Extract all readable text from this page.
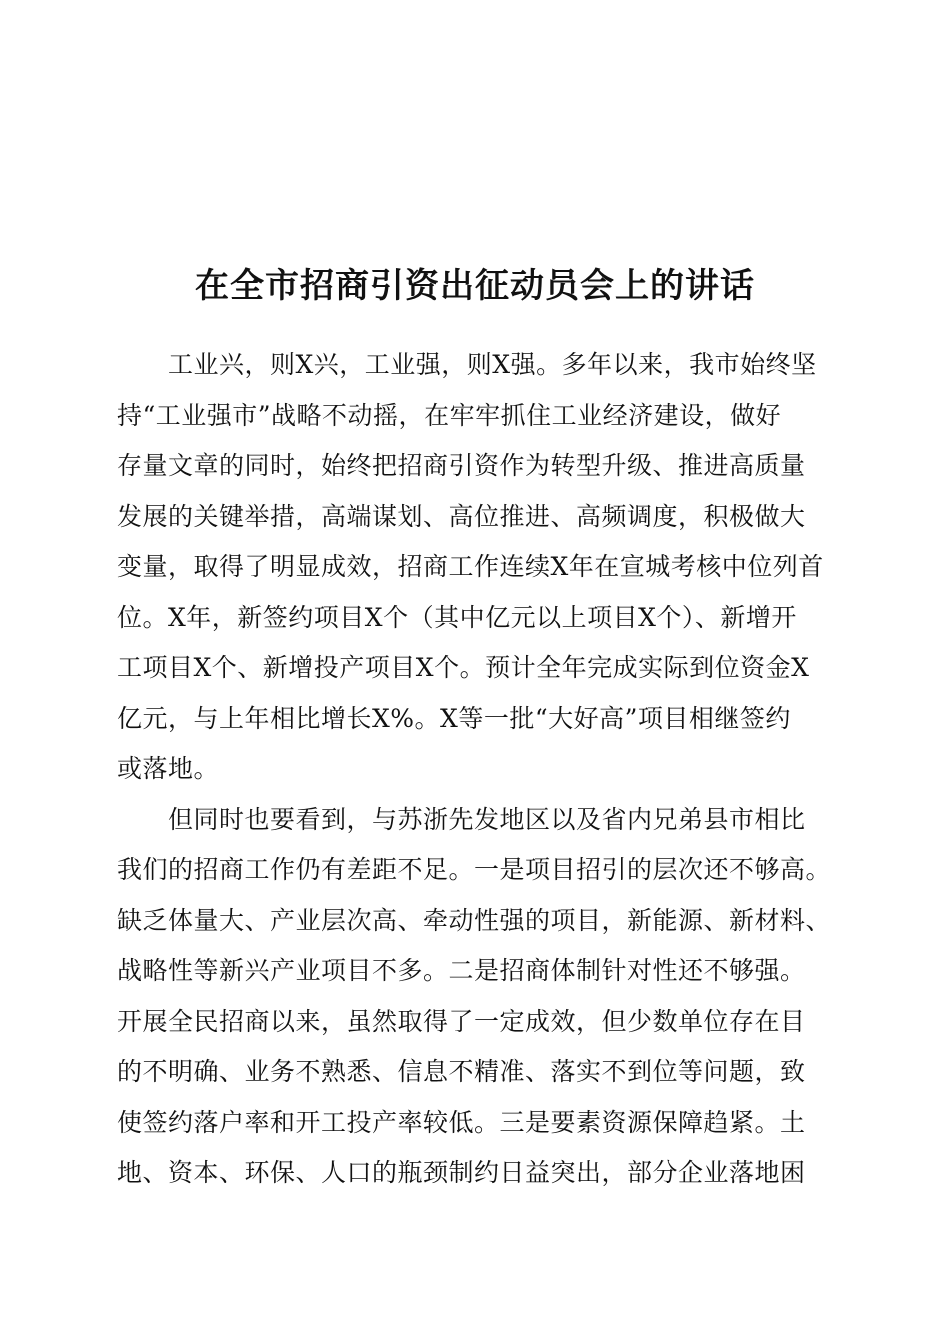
在全市招商引资出征动员会上的讲话
　　工业兴，则X兴，工业强，则X强。多年以来，我市始终坚
持“工业强市”战略不动摇，在牢牢抓住工业经济建设，做好
存量文章的同时，始终把招商引资作为转型升级、推进高质量
发展的关键举措，高端谋划、高位推进、高频调度，积极做大
变量，取得了明显成效，招商工作连续X年在宣城考核中位列首
位。X年，新签约项目X个（其中亿元以上项目X个）、新增开
工项目X个、新增投产项目X个。预计全年完成实际到位资金X
亿元，与上年相比增长X%。X等一批“大好高”项目相继签约
或落地。
　　但同时也要看到，与苏浙先发地区以及省内兄弟县市相比
我们的招商工作仍有差距不足。一是项目招引的层次还不够高。
缺乏体量大、产业层次高、牵动性强的项目，新能源、新材料、
战略性等新兴产业项目不多。二是招商体制针对性还不够强。
开展全民招商以来，虽然取得了一定成效，但少数单位存在目
的不明确、业务不熟悉、信息不精准、落实不到位等问题，致
使签约落户率和开工投产率较低。三是要素资源保障趋紧。土
地、资本、环保、人口的瓶颈制约日益突出，部分企业落地困
